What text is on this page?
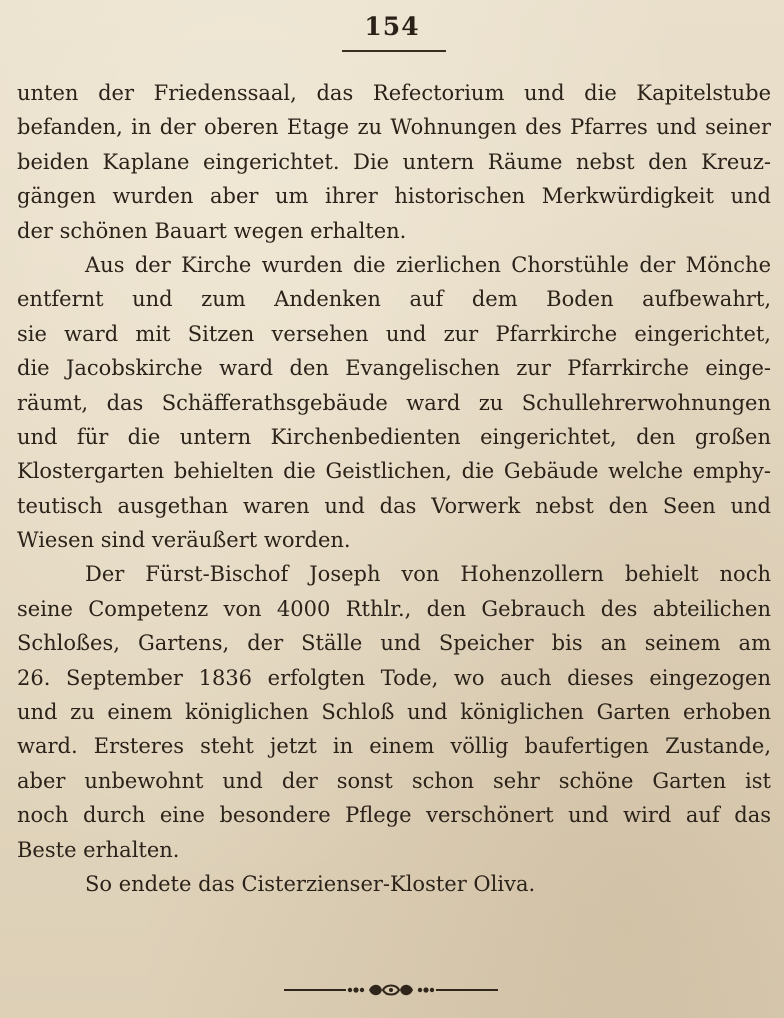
154
unten der Friedenssaal, das Refectorium und die Kapitelstube
befanden, in der oberen Etage zu Wohnungen des Pfarres und seiner
beiden Kaplane eingerichtet. Die untern Räume nebst den Kreuz-
gängen wurden aber um ihrer historischen Merkwürdigkeit und
der schönen Bauart wegen erhalten.
Aus der Kirche wurden die zierlichen Chorstühle der Mönche
entfernt und zum Andenken auf dem Boden aufbewahrt,
sie ward mit Sitzen versehen und zur Pfarrkirche eingerichtet,
die Jacobskirche ward den Evangelischen zur Pfarrkirche einge-
räumt, das Schäfferathsgebäude ward zu Schullehrerwohnungen
und für die untern Kirchenbedienten eingerichtet, den großen
Klostergarten behielten die Geistlichen, die Gebäude welche emphy-
teutisch ausgethan waren und das Vorwerk nebst den Seen und
Wiesen sind veräußert worden.
Der Fürst-Bischof Joseph von Hohenzollern behielt noch
seine Competenz von 4000 Rthlr., den Gebrauch des abteilichen
Schloßes, Gartens, der Ställe und Speicher bis an seinem am
26. September 1836 erfolgten Tode, wo auch dieses eingezogen
und zu einem königlichen Schloß und königlichen Garten erhoben
ward. Ersteres steht jetzt in einem völlig baufertigen Zustande,
aber unbewohnt und der sonst schon sehr schöne Garten ist
noch durch eine besondere Pflege verschönert und wird auf das
Beste erhalten.
So endete das Cisterzienser-Kloster Oliva.
